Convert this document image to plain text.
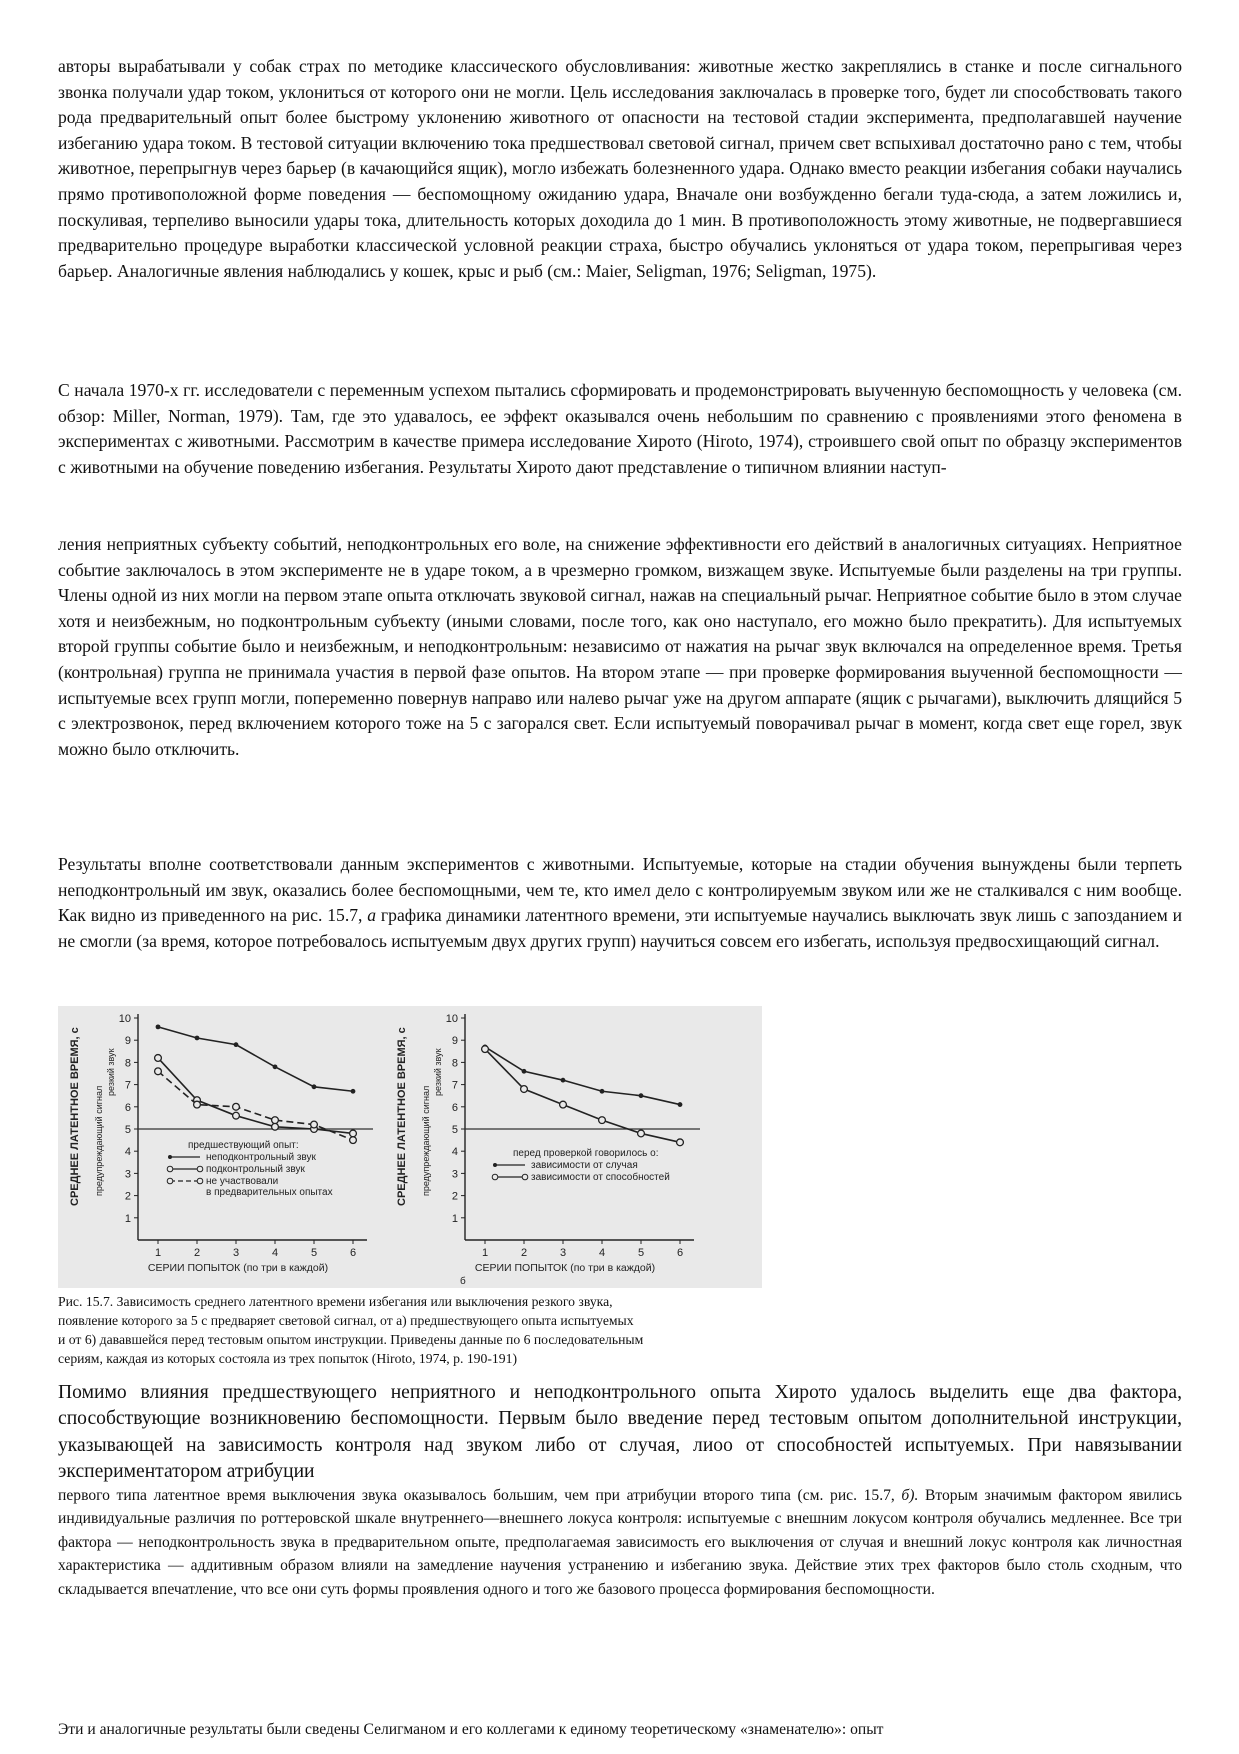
авторы вырабатывали у собак страх по методике классического обусловливания: животные жестко закреплялись в станке и после сигнального звонка получали удар током, уклониться от которого они не могли. Цель исследования заключалась в проверке того, будет ли способствовать такого рода предварительный опыт более быстрому уклонению животного от опасности на тестовой стадии эксперимента, предполагавшей научение избеганию удара током. В тестовой ситуации включению тока предшествовал световой сигнал, причем свет вспыхивал достаточно рано с тем, чтобы животное, перепрыгнув через барьер (в качающийся ящик), могло избежать болезненного удара. Однако вместо реакции избегания собаки научались прямо противоположной форме поведения — беспомощному ожиданию удара, Вначале они возбужденно бегали туда-сюда, а затем ложились и, поскуливая, терпеливо выносили удары тока, длительность которых доходила до 1 мин. В противоположность этому животные, не подвергавшиеся предварительно процедуре выработки классической условной реакции страха, быстро обучались уклоняться от удара током, перепрыгивая через барьер. Аналогичные явления наблюдались у кошек, крыс и рыб (см.: Maier, Seligman, 1976; Seligman, 1975).

С начала 1970-х гг. исследователи с переменным успехом пытались сформировать и продемонстрировать выученную беспомощность у человека (см. обзор: Miller, Norman, 1979). Там, где это удавалось, ее эффект оказывался очень небольшим по сравнению с проявлениями этого феномена в экспериментах с животными. Рассмотрим в качестве примера исследование Хирото (Hiroto, 1974), строившего свой опыт по образцу экспериментов с животными на обучение поведению избегания. Результаты Хирото дают представление о типичном влиянии наступ-

ления неприятных субъекту событий, неподконтрольных его воле, на снижение эффективности его действий в аналогичных ситуациях. Неприятное событие заключалось в этом эксперименте не в ударе током, а в чрезмерно громком, визжащем звуке. Испытуемые были разделены на три группы. Члены одной из них могли на первом этапе опыта отключать звуковой сигнал, нажав на специальный рычаг. Неприятное событие было в этом случае хотя и неизбежным, но подконтрольным субъекту (иными словами, после того, как оно наступало, его можно было прекратить). Для испытуемых второй группы событие было и неизбежным, и неподконтрольным: независимо от нажатия на рычаг звук включался на определенное время. Третья (контрольная) группа не принимала участия в первой фазе опытов. На втором этапе — при проверке формирования выученной беспомощности — испытуемые всех групп могли, попеременно повернув направо или налево рычаг уже на другом аппарате (ящик с рычагами), выключить длящийся 5 с электрозвонок, перед включением которого тоже на 5 с загорался свет. Если испытуемый поворачивал рычаг в момент, когда свет еще горел, звук можно было отключить.

Результаты вполне соответствовали данным экспериментов с животными. Испытуемые, которые на стадии обучения вынуждены были терпеть неподконтрольный им звук, оказались более беспомощными, чем те, кто имел дело с контролируемым звуком или же не сталкивался с ним вообще. Как видно из приведенного на рис. 15.7, а графика динамики латентного времени, эти испытуемые научались выключать звук лишь с запозданием и не смогли (за время, которое потребовалось испытуемым двух других групп) научиться совсем его избегать, используя предвосхищающий сигнал.

СРЕДНЕЕ ЛАТЕНТНОЕ ВРЕМЯ, с предупреждающий сигнал
резкий звук
1
2
3
4
5
6
7
8
9
10
1	2	3	4	5	6
СЕРИИ ПОПЫТОК (по три в каждой)
предшествующий опыт:
неподконтрольный звук
подконтрольный звук
не участвовали
в предварительных опытах	СРЕДНЕЕ ЛАТЕНТНОЕ ВРЕМЯ, с предупреждающий сигнал
резкий звук
1
2
3
4
5
6
7
8
9
10
1	2	3	4	5	6
СЕРИИ ПОПЫТОК (по три в каждой)
б
перед проверкой говорилось о:
зависимости от случая
зависимости от способностей
Рис. 15.7. Зависимость среднего латентного времени избегания или выключения резкого звука,
появление которого за 5 с предваряет световой сигнал, от а) предшествующего опыта испытуемых
и от 6) дававшейся перед тестовым опытом инструкции. Приведены данные по 6 последовательным
сериям, каждая из которых состояла из трех попыток (Hiroto, 1974, р. 190-191)

Помимо влияния предшествующего неприятного и неподконтрольного опыта Хирото удалось выделить еще два фактора, способствующие возникновению беспомощности. Первым было введение перед тестовым опытом дополнительной инструкции, указывающей на зависимость контроля над звуком либо от случая, лиоо от способностей испытуемых. При навязывании экспериментатором атрибуции

первого типа латентное время выключения звука оказывалось большим, чем при атрибуции второго типа (см. рис. 15.7, б). Вторым значимым фактором явились индивидуальные различия по роттеровской шкале внутреннего—внешнего локуса контроля: испытуемые с внешним локусом контроля обучались медленнее. Все три фактора — неподконтрольность звука в предварительном опыте, предполагаемая зависимость его выключения от случая и внешний локус контроля как личностная характеристика — аддитивным образом влияли на замедление научения устранению и избеганию звука. Действие этих трех факторов было столь сходным, что складывается впечатление, что все они суть формы проявления одного и того же базового процесса формирования беспомощности.

Эти и аналогичные результаты были сведены Селигманом и его коллегами к единому теоретическому «знаменателю»: опыт
